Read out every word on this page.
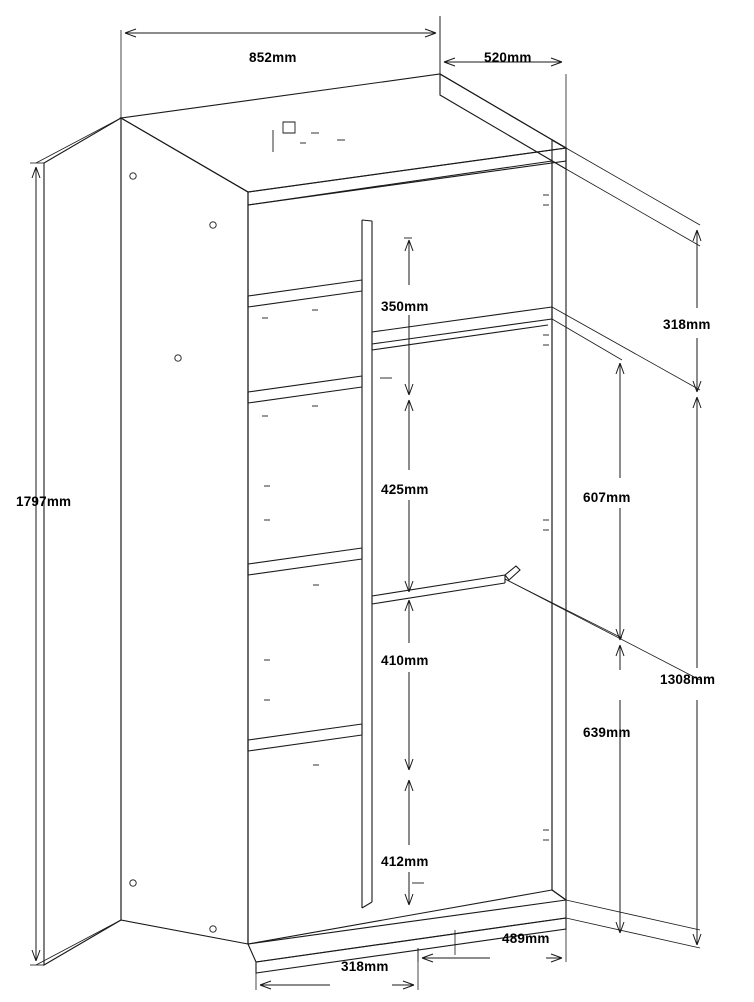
852mm	520mm
1797mm
350mm
425mm
410mm
412mm
318mm
607mm
639mm
1308mm
489mm
318mm
